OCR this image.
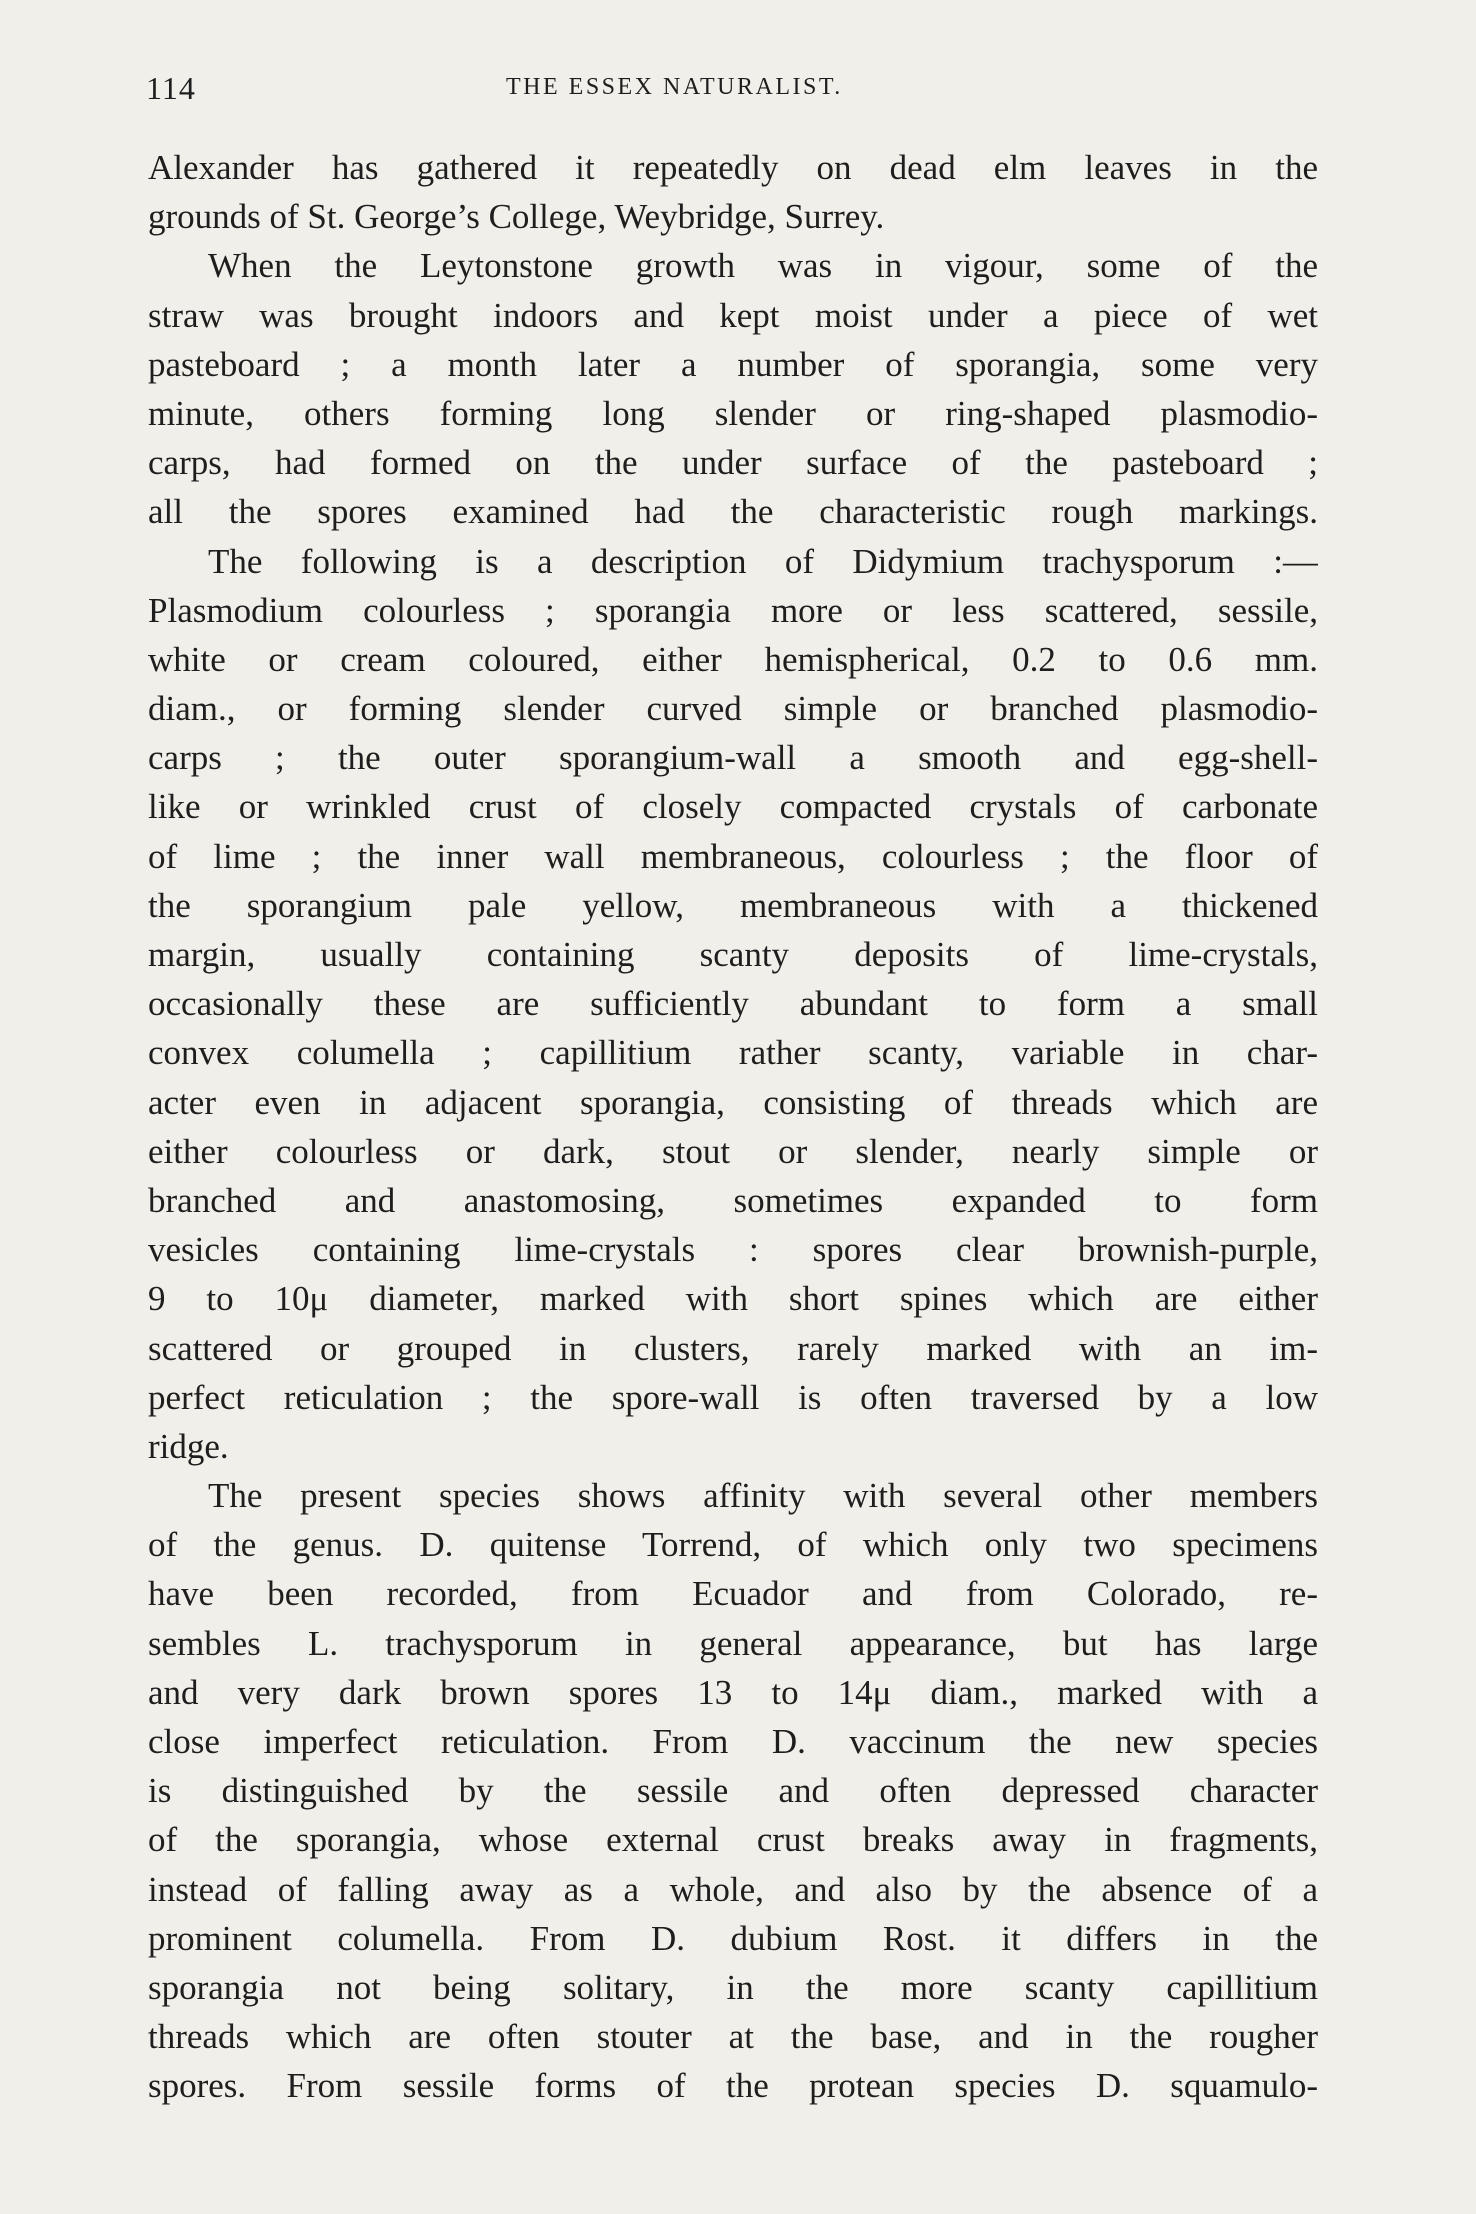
114	THE ESSEX NATURALIST.
Alexander has gathered it repeatedly on dead elm leaves in the
grounds of St. George’s College, Weybridge, Surrey.
When the Leytonstone growth was in vigour, some of the
straw was brought indoors and kept moist under a piece of wet
pasteboard ; a month later a number of sporangia, some very
minute, others forming long slender or ring-shaped plasmodio-
carps, had formed on the under surface of the pasteboard ;
all the spores examined had the characteristic rough markings.
The following is a description of Didymium trachysporum :—
Plasmodium colourless ; sporangia more or less scattered, sessile,
white or cream coloured, either hemispherical, 0.2 to 0.6 mm.
diam., or forming slender curved simple or branched plasmodio-
carps ; the outer sporangium-wall a smooth and egg-shell-
like or wrinkled crust of closely compacted crystals of carbonate
of lime ; the inner wall membraneous, colourless ; the floor of
the sporangium pale yellow, membraneous with a thickened
margin, usually containing scanty deposits of lime-crystals,
occasionally these are sufficiently abundant to form a small
convex columella ; capillitium rather scanty, variable in char-
acter even in adjacent sporangia, consisting of threads which are
either colourless or dark, stout or slender, nearly simple or
branched and anastomosing, sometimes expanded to form
vesicles containing lime-crystals : spores clear brownish-purple,
9 to 10μ diameter, marked with short spines which are either
scattered or grouped in clusters, rarely marked with an im-
perfect reticulation ; the spore-wall is often traversed by a low
ridge.
The present species shows affinity with several other members
of the genus. D. quitense Torrend, of which only two specimens
have been recorded, from Ecuador and from Colorado, re-
sembles L. trachysporum in general appearance, but has large
and very dark brown spores 13 to 14μ diam., marked with a
close imperfect reticulation. From D. vaccinum the new species
is distinguished by the sessile and often depressed character
of the sporangia, whose external crust breaks away in fragments,
instead of falling away as a whole, and also by the absence of a
prominent columella. From D. dubium Rost. it differs in the
sporangia not being solitary, in the more scanty capillitium
threads which are often stouter at the base, and in the rougher
spores. From sessile forms of the protean species D. squamulo-
